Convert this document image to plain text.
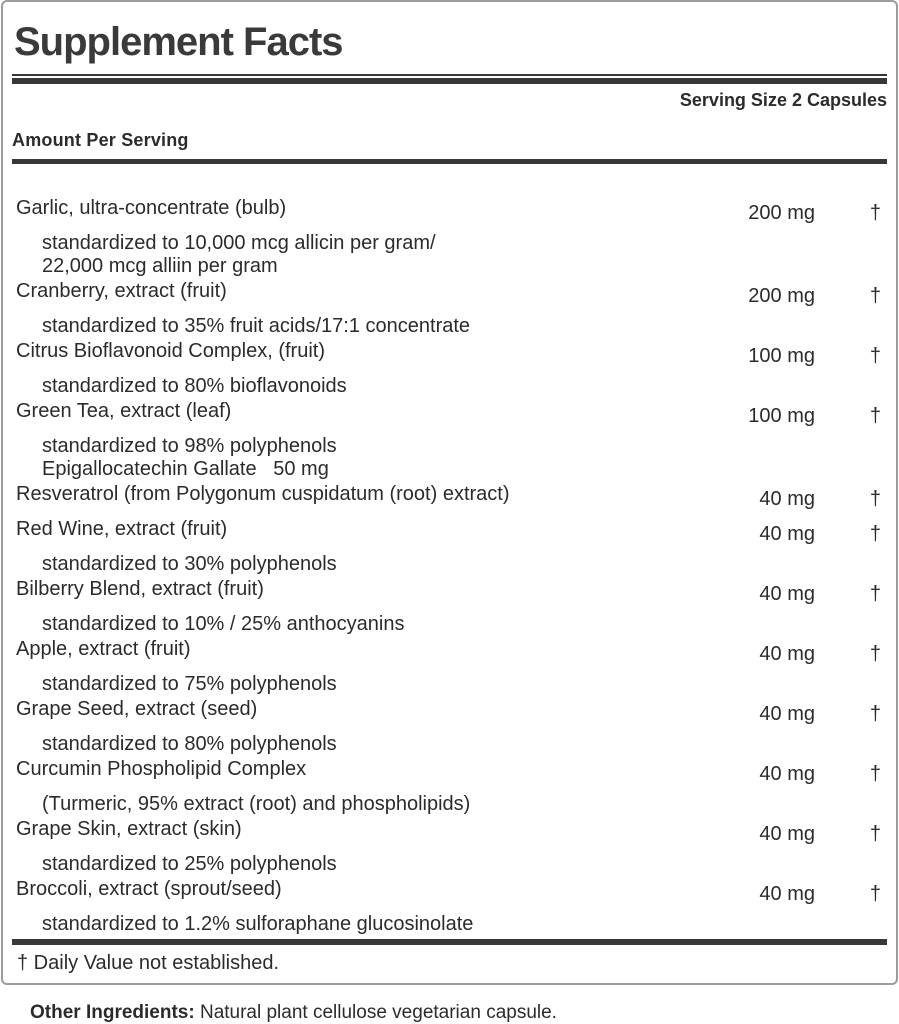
Supplement Facts
Serving Size 2 Capsules
Amount Per Serving
Garlic, ultra-concentrate (bulb)	200 mg	†
standardized to 10,000 mcg allicin per gram/
22,000 mcg alliin per gram
Cranberry, extract (fruit)	200 mg	†
standardized to 35% fruit acids/17:1 concentrate
Citrus Bioflavonoid Complex, (fruit)	100 mg	†
standardized to 80% bioflavonoids
Green Tea, extract (leaf)	100 mg	†
standardized to 98% polyphenols
Epigallocatechin Gallate   50 mg
Resveratrol (from Polygonum cuspidatum (root) extract)	40 mg	†
Red Wine, extract (fruit)	40 mg	†
standardized to 30% polyphenols
Bilberry Blend, extract (fruit)	40 mg	†
standardized to 10% / 25% anthocyanins
Apple, extract (fruit)	40 mg	†
standardized to 75% polyphenols
Grape Seed, extract (seed)	40 mg	†
standardized to 80% polyphenols
Curcumin Phospholipid Complex	40 mg	†
(Turmeric, 95% extract (root) and phospholipids)
Grape Skin, extract (skin)	40 mg	†
standardized to 25% polyphenols
Broccoli, extract (sprout/seed)	40 mg	†
standardized to 1.2% sulforaphane glucosinolate
† Daily Value not established.

Other Ingredients: Natural plant cellulose vegetarian capsule.
